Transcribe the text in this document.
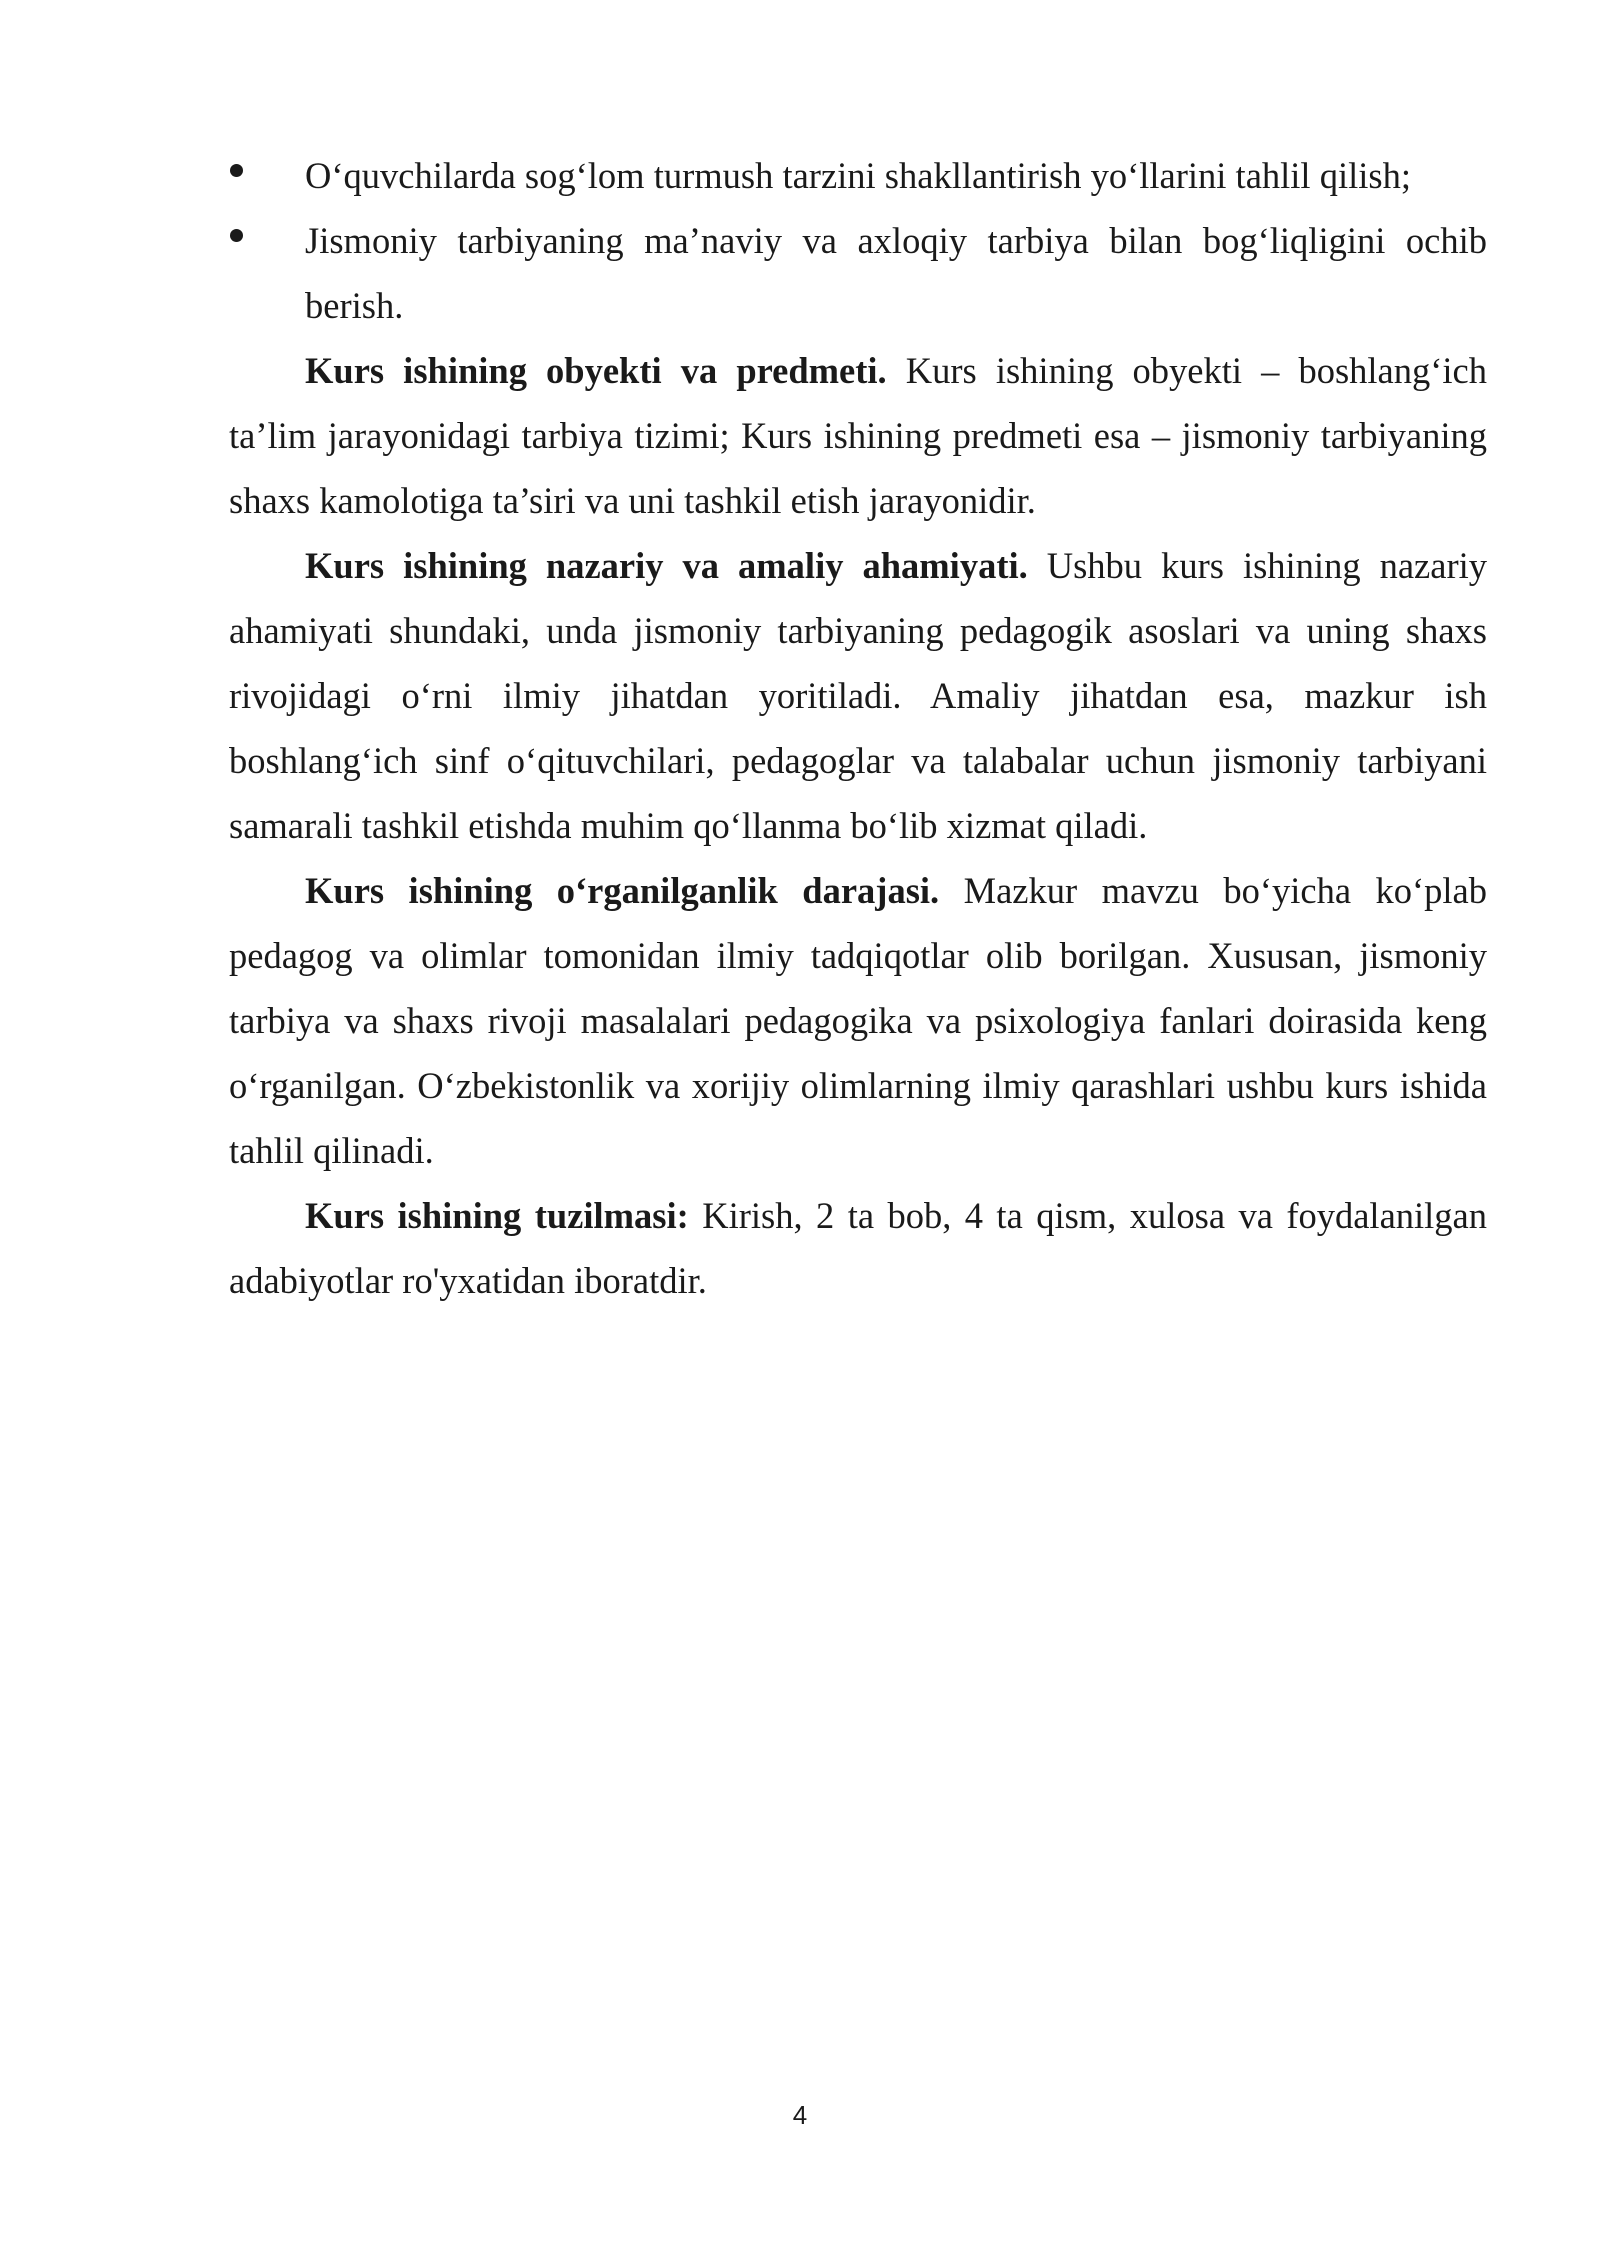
O‘quvchilarda sog‘lom turmush tarzini shakllantirish yo‘llarini tahlil qilish;
Jismoniy tarbiyaning ma’naviy va axloqiy tarbiya bilan bog‘liqligini ochib berish.

Kurs ishining obyekti va predmeti. Kurs ishining obyekti – boshlang‘ich ta’lim jarayonidagi tarbiya tizimi; Kurs ishining predmeti esa – jismoniy tarbiyaning shaxs kamolotiga ta’siri va uni tashkil etish jarayonidir.

Kurs ishining nazariy va amaliy ahamiyati. Ushbu kurs ishining nazariy ahamiyati shundaki, unda jismoniy tarbiyaning pedagogik asoslari va uning shaxs rivojidagi o‘rni ilmiy jihatdan yoritiladi. Amaliy jihatdan esa, mazkur ish boshlang‘ich sinf o‘qituvchilari, pedagoglar va talabalar uchun jismoniy tarbiyani samarali tashkil etishda muhim qo‘llanma bo‘lib xizmat qiladi.

Kurs ishining o‘rganilganlik darajasi. Mazkur mavzu bo‘yicha ko‘plab pedagog va olimlar tomonidan ilmiy tadqiqotlar olib borilgan. Xususan, jismoniy tarbiya va shaxs rivoji masalalari pedagogika va psixologiya fanlari doirasida keng o‘rganilgan. O‘zbekistonlik va xorijiy olimlarning ilmiy qarashlari ushbu kurs ishida tahlil qilinadi.

Kurs ishining tuzilmasi: Kirish, 2 ta bob, 4 ta qism, xulosa va foydalanilgan adabiyotlar ro'yxatidan iboratdir.

4
